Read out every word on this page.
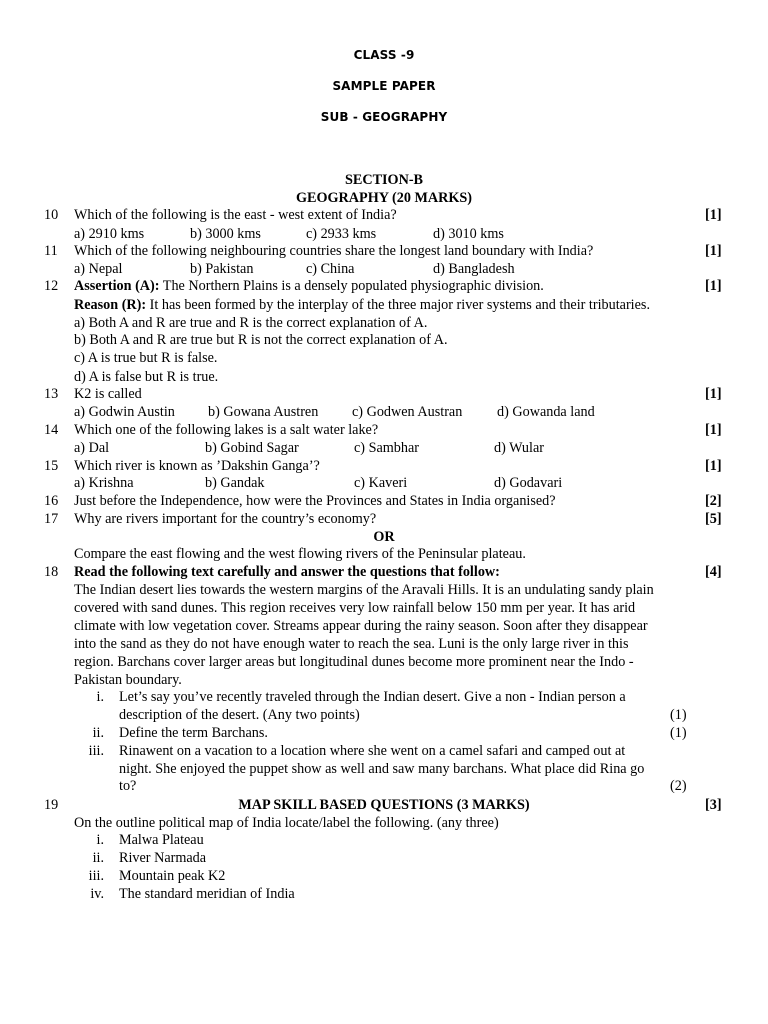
CLASS -9
SAMPLE PAPER
SUB - GEOGRAPHY
SECTION-B
GEOGRAPHY (20 MARKS)
10 Which of the following is the east - west extent of India?	[1]
a) 2910 kms	b) 3000 kms	c) 2933 kms	d) 3010 kms
11 Which of the following neighbouring countries share the longest land boundary with India?	[1]
a) Nepal	b) Pakistan	c) China	d) Bangladesh
12 Assertion (A): The Northern Plains is a densely populated physiographic division.	[1]
Reason (R): It has been formed by the interplay of the three major river systems and their tributaries.
a) Both A and R are true and R is the correct explanation of A.
b) Both A and R are true but R is not the correct explanation of A.
c) A is true but R is false.
d) A is false but R is true.
13 K2 is called	[1]
a) Godwin Austin b) Gowana Austren c) Godwen Austran d) Gowanda land
14 Which one of the following lakes is a salt water lake?	[1]
a) Dal	b) Gobind Sagar	c) Sambhar	d) Wular
15 Which river is known as ’Dakshin Ganga’?	[1]
a) Krishna	b) Gandak	c) Kaveri	d) Godavari
16 Just before the Independence, how were the Provinces and States in India organised?	[2]
17 Why are rivers important for the country’s economy?	[5]
OR
Compare the east flowing and the west flowing rivers of the Peninsular plateau.
18 Read the following text carefully and answer the questions that follow:	[4]
The Indian desert lies towards the western margins of the Aravali Hills. It is an undulating sandy plain
covered with sand dunes. This region receives very low rainfall below 150 mm per year. It has arid
climate with low vegetation cover. Streams appear during the rainy season. Soon after they disappear
into the sand as they do not have enough water to reach the sea. Luni is the only large river in this
region. Barchans cover larger areas but longitudinal dunes become more prominent near the Indo -
Pakistan boundary.
i. Let’s say you’ve recently traveled through the Indian desert. Give a non - Indian person a
description of the desert. (Any two points)	(1)
ii. Define the term Barchans.	(1)
iii. Rinawent on a vacation to a location where she went on a camel safari and camped out at
night. She enjoyed the puppet show as well and saw many barchans. What place did Rina go
to?	(2)
19	MAP SKILL BASED QUESTIONS (3 MARKS)	[3]
On the outline political map of India locate/label the following. (any three)
i. Malwa Plateau
ii. River Narmada
iii. Mountain peak K2
iv. The standard meridian of India
